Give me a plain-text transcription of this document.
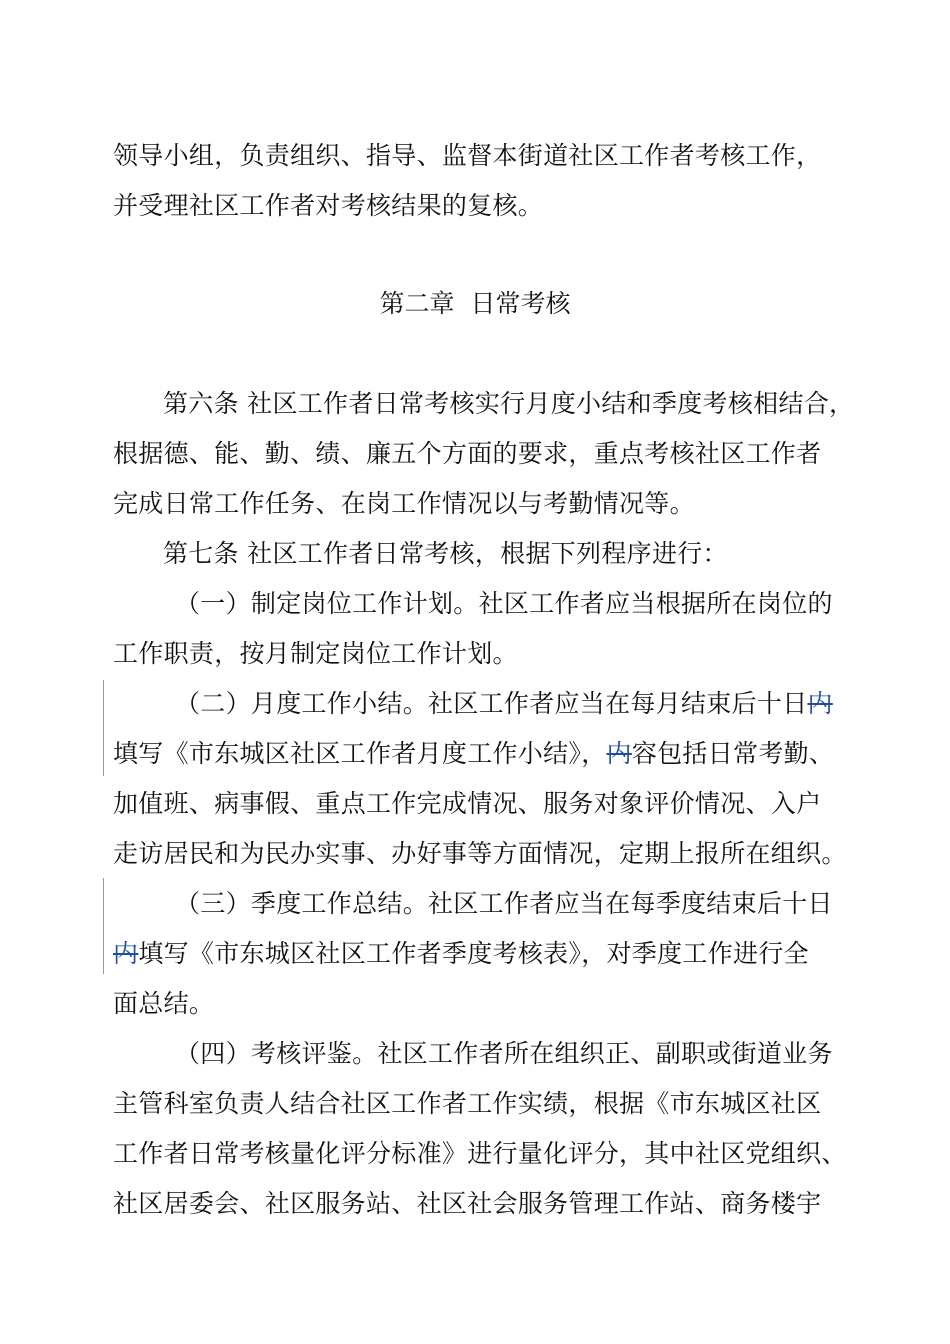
领导小组，负责组织、指导、监督本街道社区工作者考核工作，
并受理社区工作者对考核结果的复核。
第二章  日常考核
第六条 社区工作者日常考核实行月度小结和季度考核相结合，
根据德、能、勤、绩、廉五个方面的要求，重点考核社区工作者
完成日常工作任务、在岗工作情况以与考勤情况等。
第七条 社区工作者日常考核，根据下列程序进行：
（一）制定岗位工作计划。社区工作者应当根据所在岗位的
工作职责，按月制定岗位工作计划。
（二）月度工作小结。社区工作者应当在每月结束后十日内
填写《市东城区社区工作者月度工作小结》，内容包括日常考勤、
加值班、病事假、重点工作完成情况、服务对象评价情况、入户
走访居民和为民办实事、办好事等方面情况，定期上报所在组织。
（三）季度工作总结。社区工作者应当在每季度结束后十日
内填写《市东城区社区工作者季度考核表》，对季度工作进行全
面总结。
（四）考核评鉴。社区工作者所在组织正、副职或街道业务
主管科室负责人结合社区工作者工作实绩，根据《市东城区社区
工作者日常考核量化评分标准》进行量化评分，其中社区党组织、
社区居委会、社区服务站、社区社会服务管理工作站、商务楼宇
